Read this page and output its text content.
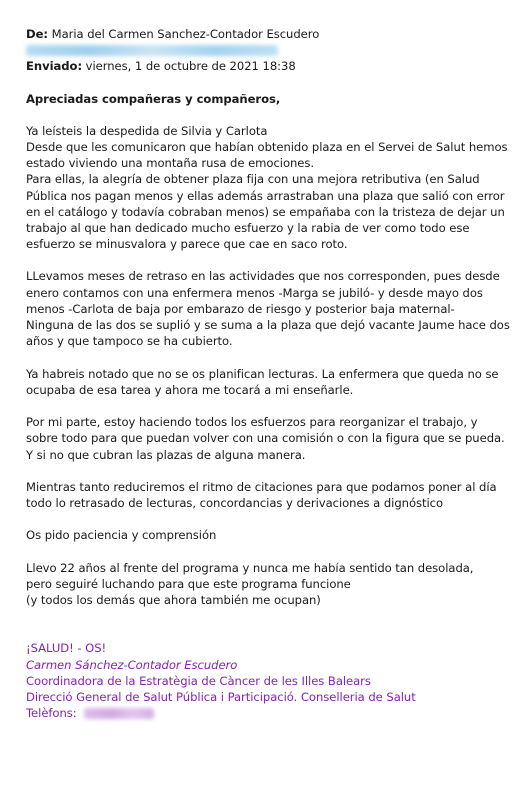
De: Maria del Carmen Sanchez-Contador Escudero
Enviado: viernes, 1 de octubre de 2021 18:38
Apreciadas compañeras y compañeros,
Ya leísteis la despedida de Silvia y Carlota
Desde que les comunicaron que habían obtenido plaza en el Servei de Salut hemos
estado viviendo una montaña rusa de emociones.
Para ellas, la alegría de obtener plaza fija con una mejora retributiva (en Salud
Pública nos pagan menos y ellas además arrastraban una plaza que salió con error
en el catálogo y todavía cobraban menos) se empañaba con la tristeza de dejar un
trabajo al que han dedicado mucho esfuerzo y la rabia de ver como todo ese
esfuerzo se minusvalora y parece que cae en saco roto.
LLevamos meses de retraso en las actividades que nos corresponden, pues desde
enero contamos con una enfermera menos -Marga se jubiló- y desde mayo dos
menos -Carlota de baja por embarazo de riesgo y posterior baja maternal-
Ninguna de las dos se suplió y se suma a la plaza que dejó vacante Jaume hace dos
años y que tampoco se ha cubierto.
Ya habreis notado que no se os planifican lecturas. La enfermera que queda no se
ocupaba de esa tarea y ahora me tocará a mi enseñarle.
Por mi parte, estoy haciendo todos los esfuerzos para reorganizar el trabajo, y
sobre todo para que puedan volver con una comisión o con la figura que se pueda.
Y si no que cubran las plazas de alguna manera.
Mientras tanto reduciremos el ritmo de citaciones para que podamos poner al día
todo lo retrasado de lecturas, concordancias y derivaciones a dignóstico
Os pido paciencia y comprensión
Llevo 22 años al frente del programa y nunca me había sentido tan desolada,
pero seguiré luchando para que este programa funcione
(y todos los demás que ahora también me ocupan)
¡SALUD! - OS!
Carmen Sánchez-Contador Escudero
Coordinadora de la Estratègia de Càncer de les Illes Balears
Direcció General de Salut Pública i Participació. Conselleria de Salut
Telèfons:
